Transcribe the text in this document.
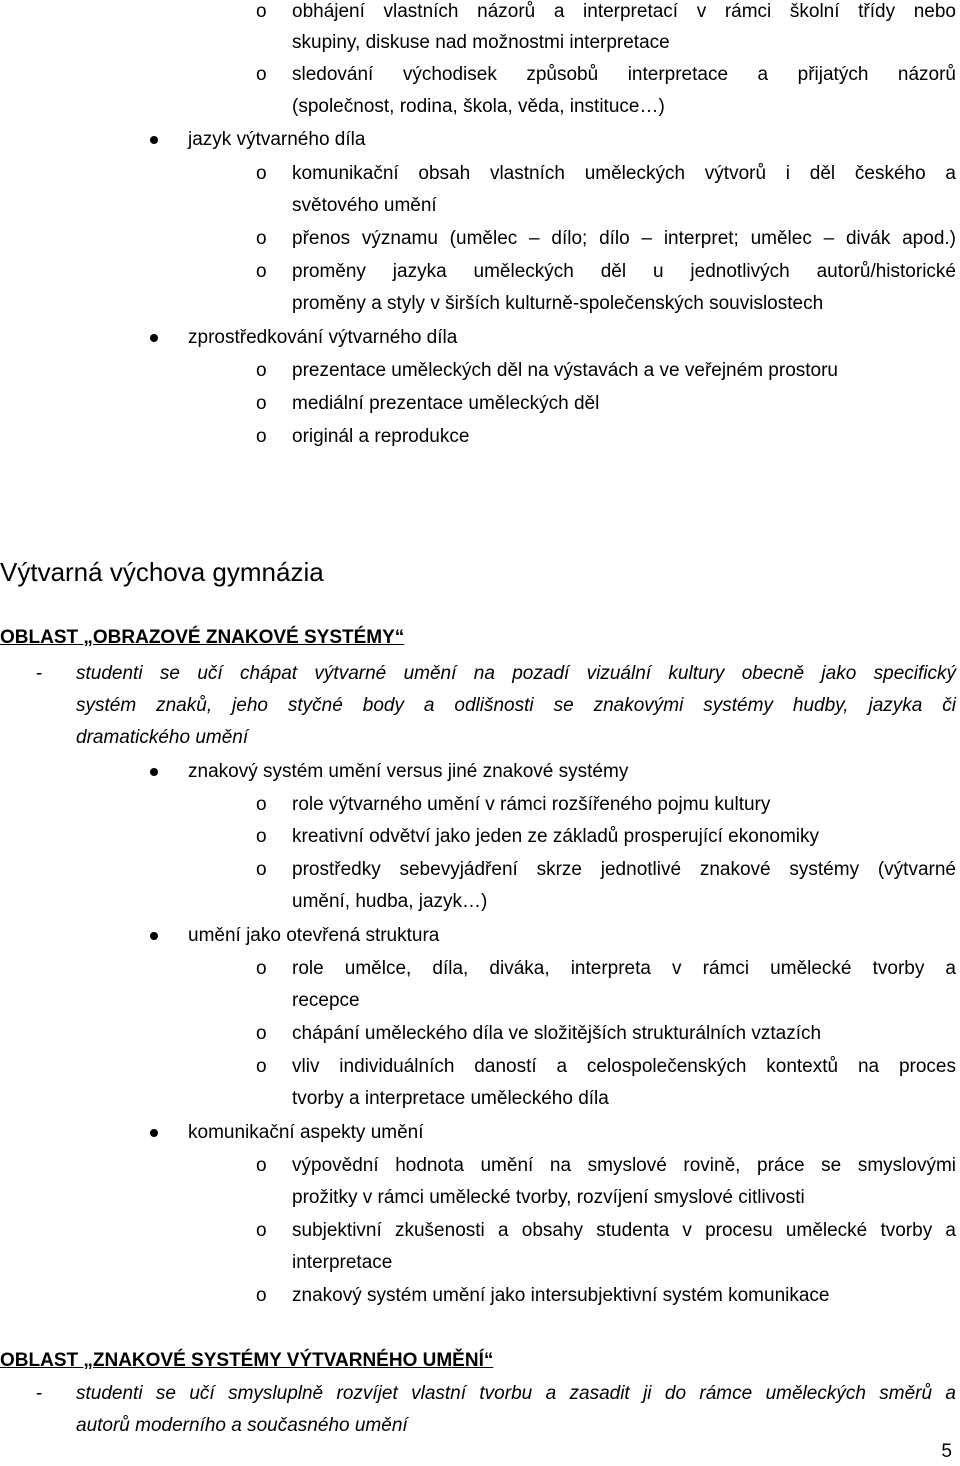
o obhájení vlastních názorů a interpretací v rámci školní třídy nebo
skupiny, diskuse nad možnostmi interpretace
o sledování východisek způsobů interpretace a přijatých názorů
(společnost, rodina, škola, věda, instituce…)
jazyk výtvarného díla
o komunikační obsah vlastních uměleckých výtvorů i děl českého a
světového umění
o přenos významu (umělec – dílo; dílo – interpret; umělec – divák apod.)
o proměny jazyka uměleckých děl u jednotlivých autorů/historické
proměny a styly v širších kulturně-společenských souvislostech
zprostředkování výtvarného díla
o prezentace uměleckých děl na výstavách a ve veřejném prostoru
o mediální prezentace uměleckých děl
o originál a reprodukce
Výtvarná výchova gymnázia
OBLAST „OBRAZOVÉ ZNAKOVÉ SYSTÉMY“
- studenti se učí chápat výtvarné umění na pozadí vizuální kultury obecně jako specifický
systém znaků, jeho styčné body a odlišnosti se znakovými systémy hudby, jazyka či
dramatického umění
znakový systém umění versus jiné znakové systémy
o role výtvarného umění v rámci rozšířeného pojmu kultury
o kreativní odvětví jako jeden ze základů prosperující ekonomiky
o prostředky sebevyjádření skrze jednotlivé znakové systémy (výtvarné
umění, hudba, jazyk…)
umění jako otevřená struktura
o role umělce, díla, diváka, interpreta v rámci umělecké tvorby a
recepce
o chápání uměleckého díla ve složitějších strukturálních vztazích
o vliv individuálních daností a celospolečenských kontextů na proces
tvorby a interpretace uměleckého díla
komunikační aspekty umění
o výpovědní hodnota umění na smyslové rovině, práce se smyslovými
prožitky v rámci umělecké tvorby, rozvíjení smyslové citlivosti
o subjektivní zkušenosti a obsahy studenta v procesu umělecké tvorby a
interpretace
o znakový systém umění jako intersubjektivní systém komunikace
OBLAST „ZNAKOVÉ SYSTÉMY VÝTVARNÉHO UMĚNÍ“
- studenti se učí smysluplně rozvíjet vlastní tvorbu a zasadit ji do rámce uměleckých směrů a
autorů moderního a současného umění
5
